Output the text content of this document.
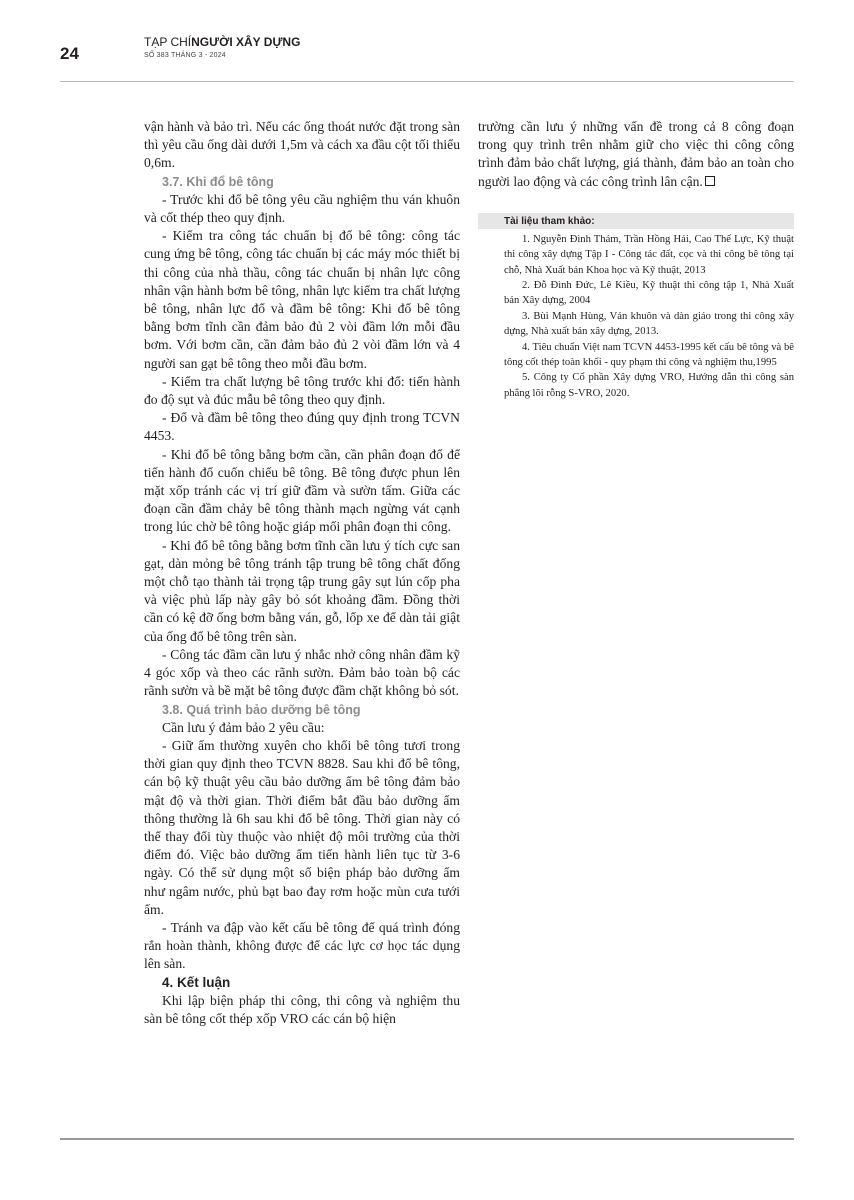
24
TẠP CHÍNGƯỜI XÂY DỰNG
SỐ 383 THÁNG 3 - 2024

vận hành và bảo trì. Nếu các ống thoát nước đặt trong sàn thì yêu cầu ống dài dưới 1,5m và cách xa đầu cột tối thiểu 0,6m.

3.7. Khi đổ bê tông

- Trước khi đổ bê tông yêu cầu nghiệm thu ván khuôn và cốt thép theo quy định.

- Kiểm tra công tác chuẩn bị đổ bê tông: công tác cung ứng bê tông, công tác chuẩn bị các máy móc thiết bị thi công của nhà thầu, công tác chuẩn bị nhân lực công nhân vận hành bơm bê tông, nhân lực kiểm tra chất lượng bê tông, nhân lực đổ và đầm bê tông: Khi đổ bê tông bằng bơm tĩnh cần đảm bảo đủ 2 vòi đầm lớn mỗi đầu bơm. Với bơm cần, cần đảm bảo đủ 2 vòi đầm lớn và 4 người san gạt bê tông theo mỗi đầu bơm.

- Kiểm tra chất lượng bê tông trước khi đổ: tiến hành đo độ sụt và đúc mẫu bê tông theo quy định.

- Đổ và đầm bê tông theo đúng quy định trong TCVN 4453.

- Khi đổ bê tông bằng bơm cần, cần phân đoạn đổ để tiến hành đổ cuốn chiếu bê tông. Bê tông được phun lên mặt xốp tránh các vị trí giữ đầm và sườn tấm. Giữa các đoạn cần đầm chảy bê tông thành mạch ngừng vát cạnh trong lúc chờ bê tông hoặc giáp mối phân đoạn thi công.

- Khi đổ bê tông bằng bơm tĩnh cần lưu ý tích cực san gạt, dàn mỏng bê tông tránh tập trung bê tông chất đống một chỗ tạo thành tải trọng tập trung gây sụt lún cốp pha và việc phủ lấp này gây bỏ sót khoảng đầm. Đồng thời cần có kệ đỡ ống bơm bằng ván, gỗ, lốp xe để dàn tải giật của ống đổ bê tông trên sàn.

- Công tác đầm cần lưu ý nhắc nhở công nhân đầm kỹ 4 góc xốp và theo các rãnh sườn. Đảm bảo toàn bộ các rãnh sườn và bề mặt bê tông được đầm chặt không bỏ sót.

3.8. Quá trình bảo dưỡng bê tông

Cần lưu ý đảm bảo 2 yêu cầu:

- Giữ ẩm thường xuyên cho khối bê tông tươi trong thời gian quy định theo TCVN 8828. Sau khi đổ bê tông, cán bộ kỹ thuật yêu cầu bảo dưỡng ẩm bê tông đảm bảo mật độ và thời gian. Thời điểm bắt đầu bảo dưỡng ẩm thông thường là 6h sau khi đổ bê tông. Thời gian này có thể thay đổi tùy thuộc vào nhiệt độ môi trường của thời điểm đó. Việc bảo dưỡng ẩm tiến hành liên tục từ 3-6 ngày. Có thể sử dụng một số biện pháp bảo dưỡng ẩm như ngâm nước, phủ bạt bao đay rơm hoặc mùn cưa tưới ẩm.

- Tránh va đập vào kết cấu bê tông để quá trình đóng rắn hoàn thành, không được để các lực cơ học tác dụng lên sàn.

4. Kết luận

Khi lập biện pháp thi công, thi công và nghiệm thu sàn bê tông cốt thép xốp VRO các cán bộ hiện

trường cần lưu ý những vấn đề trong cả 8 công đoạn trong quy trình trên nhằm giữ cho việc thi công công trình đảm bảo chất lượng, giá thành, đảm bảo an toàn cho người lao động và các công trình lân cận.

Tài liệu tham khảo:

1. Nguyễn Đình Thám, Trần Hồng Hải, Cao Thế Lực, Kỹ thuật thi công xây dựng Tập I - Công tác đất, cọc và thi công bê tông tại chỗ, Nhà Xuất bản Khoa học và Kỹ thuật, 2013

2. Đỗ Đình Đức, Lê Kiều, Kỹ thuật thi công tập 1, Nhà Xuất bản Xây dựng, 2004

3. Bùi Mạnh Hùng, Ván khuôn và dàn giáo trong thi công xây dựng, Nhà xuất bản xây dựng, 2013.

4. Tiêu chuẩn Việt nam TCVN 4453-1995 kết cấu bê tông và bê tông cốt thép toàn khối - quy phạm thi công và nghiệm thu,1995

5. Công ty Cổ phần Xây dựng VRO, Hướng dẫn thi công sàn phẳng lõi rỗng S-VRO, 2020.
